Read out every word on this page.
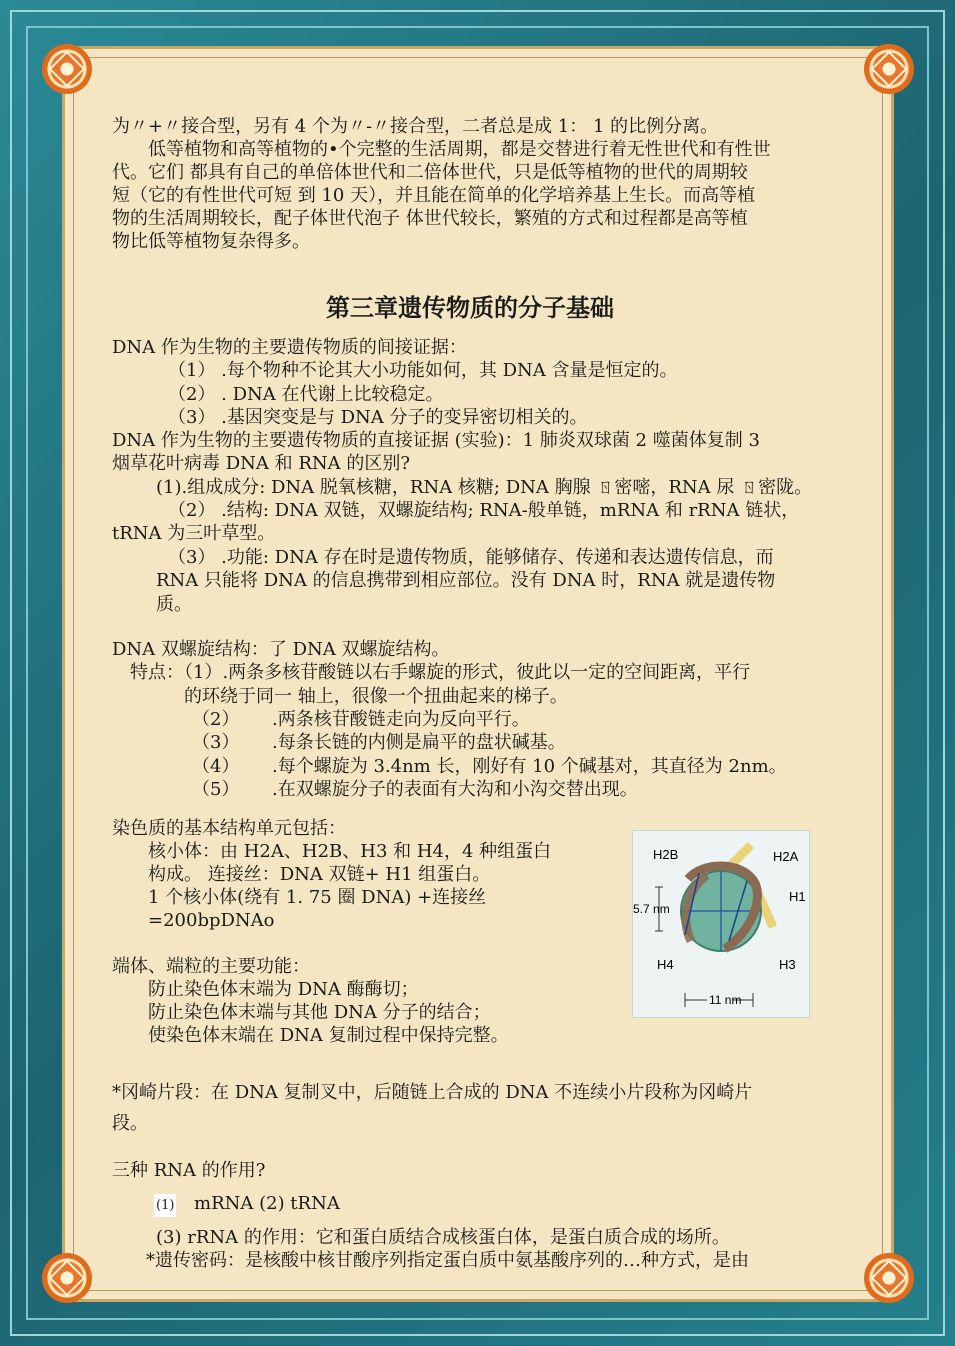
为〃+〃接合型，另有 4 个为〃-〃接合型，二者总是成 1： 1 的比例分离。
低等植物和高等植物的•个完整的生活周期，都是交替进行着无性世代和有性世
代。它们 都具有自己的单倍体世代和二倍体世代，只是低等植物的世代的周期较
短（它的有性世代可短 到 10 天），并且能在简单的化学培养基上生长。而高等植
物的生活周期较长，配子体世代泡子 体世代较长，繁殖的方式和过程都是高等植
物比低等植物复杂得多。
第三章遗传物质的分子基础
DNA 作为生物的主要遗传物质的间接证据：
（1） .每个物种不论其大小功能如何，其 DNA 含量是恒定的。
（2） . DNA 在代谢上比较稳定。
（3） .基因突变是与 DNA 分子的变异密切相关的。
DNA 作为生物的主要遗传物质的直接证据 (实验)：1 肺炎双球菌 2 噬菌体复制 3
烟草花叶病毒 DNA 和 RNA 的区别?
(1).组成成分: DNA 脱氧核糖，RNA 核糖; DNA 胸腺 ㄖ密嘧，RNA 尿 ㄖ密陇。
（2） .结构: DNA 双链，双螺旋结构; RNA-般单链，mRNA 和 rRNA 链状，
tRNA 为三叶草型。
（3） .功能: DNA 存在时是遗传物质，能够储存、传递和表达遗传信息，而
RNA 只能将 DNA 的信息携带到相应部位。没有 DNA 时，RNA 就是遗传物
质。
DNA 双螺旋结构：了 DNA 双螺旋结构。
特点：（1）.两条多核苷酸链以右手螺旋的形式，彼此以一定的空间距离，平行
的环绕于同一 轴上，很像一个扭曲起来的梯子。
（2） .两条核苷酸链走向为反向平行。
（3） .每条长链的内侧是扁平的盘状碱基。
（4） .每个螺旋为 3.4nm 长，刚好有 10 个碱基对，其直径为 2nm。
（5） .在双螺旋分子的表面有大沟和小沟交替出现。
染色质的基本结构单元包括：
核小体：由 H2A、H2B、H3 和 H4，4 种组蛋白
构成。 连接丝：DNA 双链+ H1 组蛋白。
1 个核小体(绕有 1. 75 圈 DNA) +连接丝
=200bpDNAo
端体、端粒的主要功能：
防止染色体末端为 DNA 酶酶切；
防止染色体末端与其他 DNA 分子的结合；
使染色体末端在 DNA 复制过程中保持完整。
H2B	H2A
H1
H4	H3
5.7 nm
11 nm
*冈崎片段：在 DNA 复制叉中，后随链上合成的 DNA 不连续小片段称为冈崎片
段。
三种 RNA 的作用?
(1) mRNA (2) tRNA
(3) rRNA 的作用：它和蛋白质结合成核蛋白体，是蛋白质合成的场所。
*遗传密码：是核酸中核甘酸序列指定蛋白质中氨基酸序列的…种方式，是由
